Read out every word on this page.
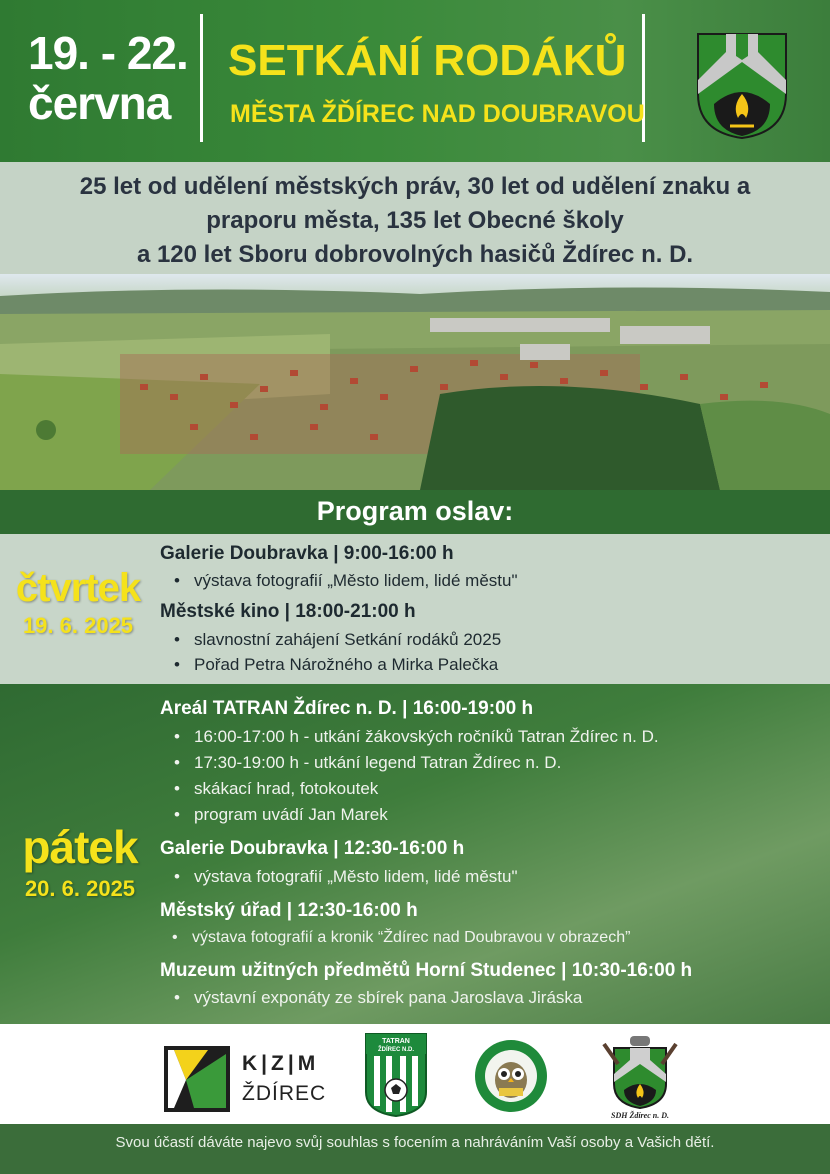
19. - 22.
června
SETKÁNÍ RODÁKŮ
MĚSTA ŽĎÍREC NAD DOUBRAVOU
25 let od udělení městských práv, 30 let od udělení znaku a
praporu města, 135 let Obecné školy
a 120 let Sboru dobrovolných hasičů Ždírec n. D.
Program oslav:
čtvrtek
19. 6. 2025
Galerie Doubravka | 9:00-16:00 h
• výstava fotografií „Město lidem, lidé městu"
Městské kino | 18:00-21:00 h
• slavnostní zahájení Setkání rodáků 2025
• Pořad Petra Nárožného a Mirka Palečka
pátek
20. 6. 2025
Areál TATRAN Ždírec n. D. | 16:00-19:00 h
• 16:00-17:00 h - utkání žákovských ročníků Tatran Ždírec n. D.
• 17:30-19:00 h - utkání legend Tatran Ždírec n. D.
• skákací hrad, fotokoutek
• program uvádí Jan Marek
Galerie Doubravka | 12:30-16:00 h
• výstava fotografií „Město lidem, lidé městu"
Městský úřad | 12:30-16:00 h
• výstava fotografií a kronik “Ždírec nad Doubravou v obrazech”
Muzeum užitných předmětů Horní Studenec | 10:30-16:00 h
• výstavní exponáty ze sbírek pana Jaroslava Jiráska
K|Z|M
ŽDÍREC
TATRAN
ŽDÍREC N.D.
SDH Ždírec n. D.
Svou účastí dáváte najevo svůj souhlas s focením a nahráváním Vaší osoby a Vašich dětí.
